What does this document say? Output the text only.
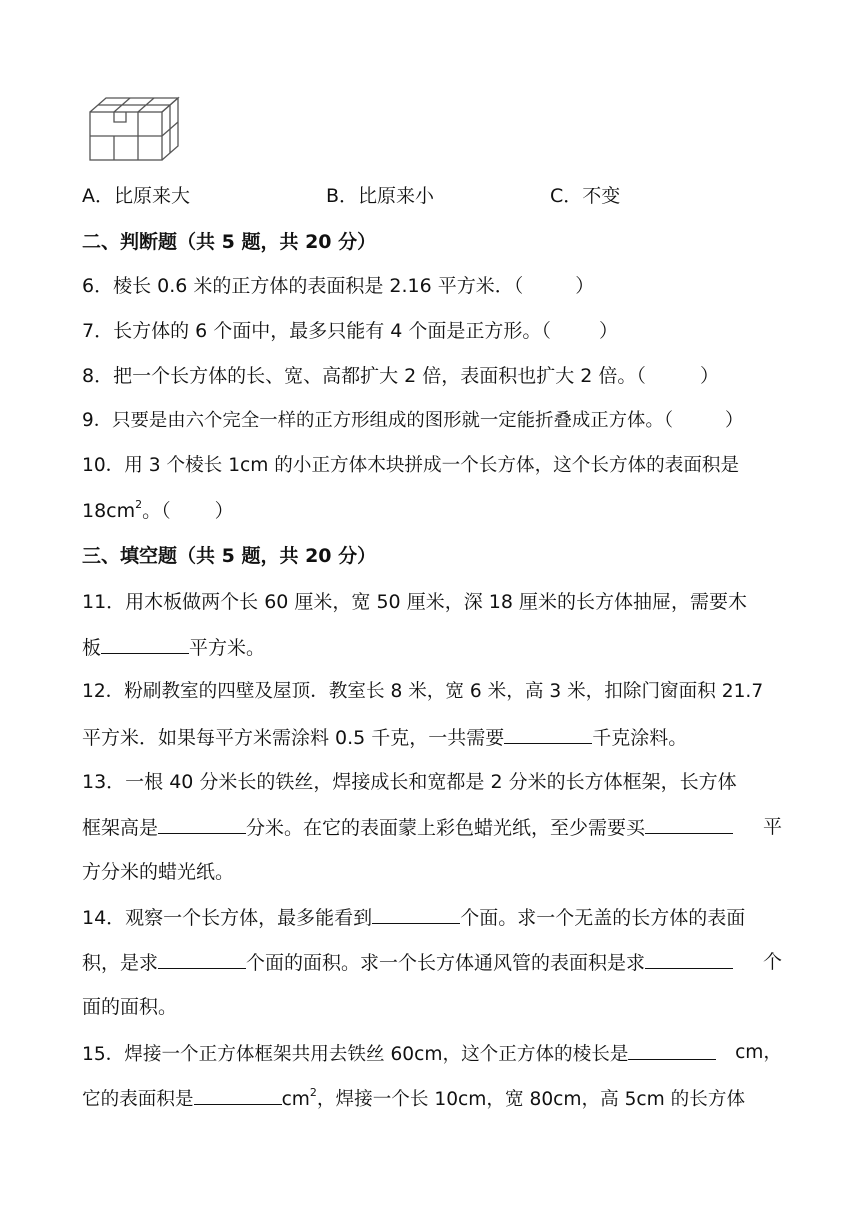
A．比原来大	B．比原来小	C．不变
二、判断题（共 5 题，共 20 分）
6．棱长 0.6 米的正方体的表面积是 2.16 平方米．（	）
7．长方体的 6 个面中，最多只能有 4 个面是正方形。（	）
8．把一个长方体的长、宽、高都扩大 2 倍，表面积也扩大 2 倍。（	）
9．只要是由六个完全一样的正方形组成的图形就一定能折叠成正方体。（	）
10．用 3 个棱长 1cm 的小正方体木块拼成一个长方体，这个长方体的表面积是
$18cm^2$。（ ）
三、填空题（共 5 题，共 20 分）
11．用木板做两个长 60 厘米，宽 50 厘米，深 18 厘米的长方体抽屉，需要木
板	平方米。
12．粉刷教室的四壁及屋顶．教室长 8 米，宽 6 米，高 3 米，扣除门窗面积 21.7
平方米．如果每平方米需涂料 0.5 千克，一共需要	千克涂料。
13．一根 40 分米长的铁丝，焊接成长和宽都是 2 分米的长方体框架，长方体
框架高是	分米。在它的表面蒙上彩色蜡光纸，至少需要买	平
方分米的蜡光纸。
14．观察一个长方体，最多能看到	个面。求一个无盖的长方体的表面
积，是求	个面的面积。求一个长方体通风管的表面积是求	个
面的面积。
15．焊接一个正方体框架共用去铁丝 60cm，这个正方体的棱长是	cm，
它的表面积是	$cm^2$，焊接一个长 10cm，宽 80cm，高 5cm 的长方体
